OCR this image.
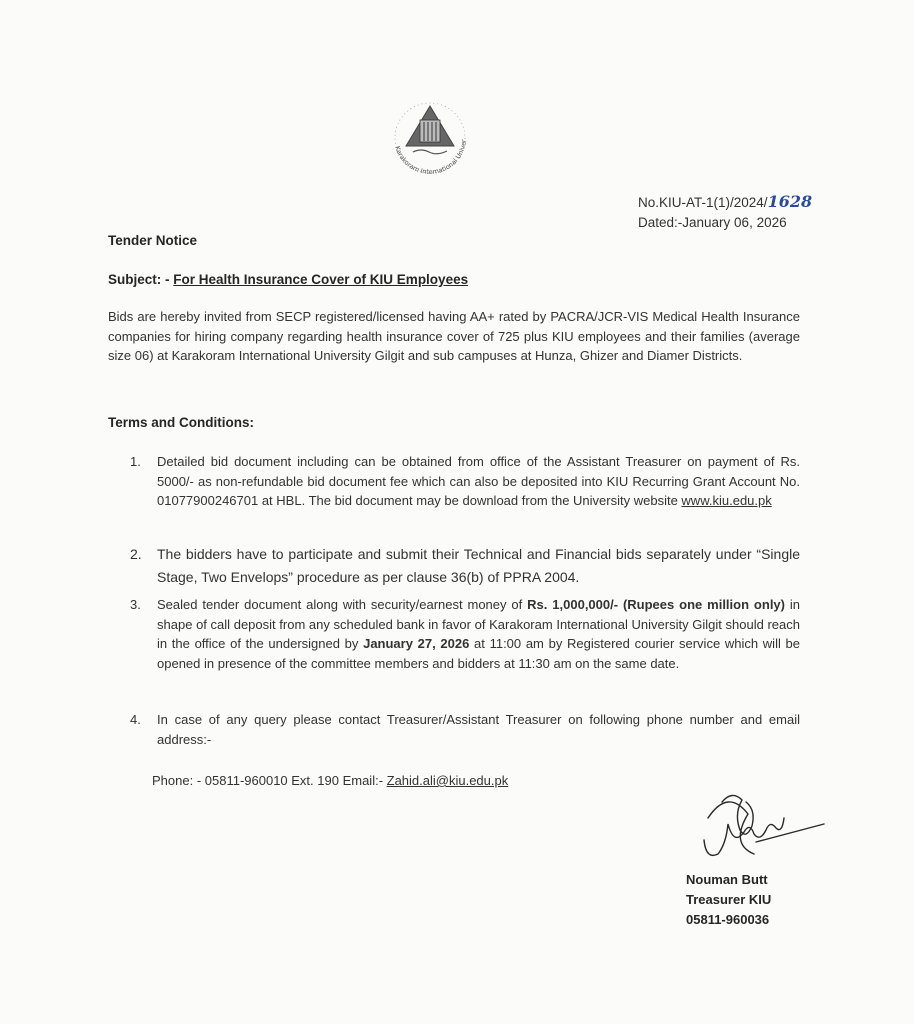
Karakoram International Univer
No.KIU-AT-1(1)/2024/1628
Dated:-January 06, 2026
Tender Notice
Subject: - For Health Insurance Cover of KIU Employees
Bids are hereby invited from SECP registered/licensed having AA+ rated by PACRA/JCR-VIS Medical Health Insurance companies for hiring company regarding health insurance cover of 725 plus KIU employees and their families (average size 06) at Karakoram International University Gilgit and sub campuses at Hunza, Ghizer and Diamer Districts.
Terms and Conditions:
1.	Detailed bid document including can be obtained from office of the Assistant Treasurer on payment of Rs. 5000/- as non-refundable bid document fee which can also be deposited into KIU Recurring Grant Account No. 01077900246701 at HBL. The bid document may be download from the University website www.kiu.edu.pk
2.	The bidders have to participate and submit their Technical and Financial bids separately under “Single Stage, Two Envelops” procedure as per clause 36(b) of PPRA 2004.
3.	Sealed tender document along with security/earnest money of Rs. 1,000,000/- (Rupees one million only) in shape of call deposit from any scheduled bank in favor of Karakoram International University Gilgit should reach in the office of the undersigned by January 27, 2026 at 11:00 am by Registered courier service which will be opened in presence of the committee members and bidders at 11:30 am on the same date.
4.	In case of any query please contact Treasurer/Assistant Treasurer on following phone number and email address:-
Phone: - 05811-960010 Ext. 190 Email:- Zahid.ali@kiu.edu.pk
Nouman Butt
Treasurer KIU
05811-960036
